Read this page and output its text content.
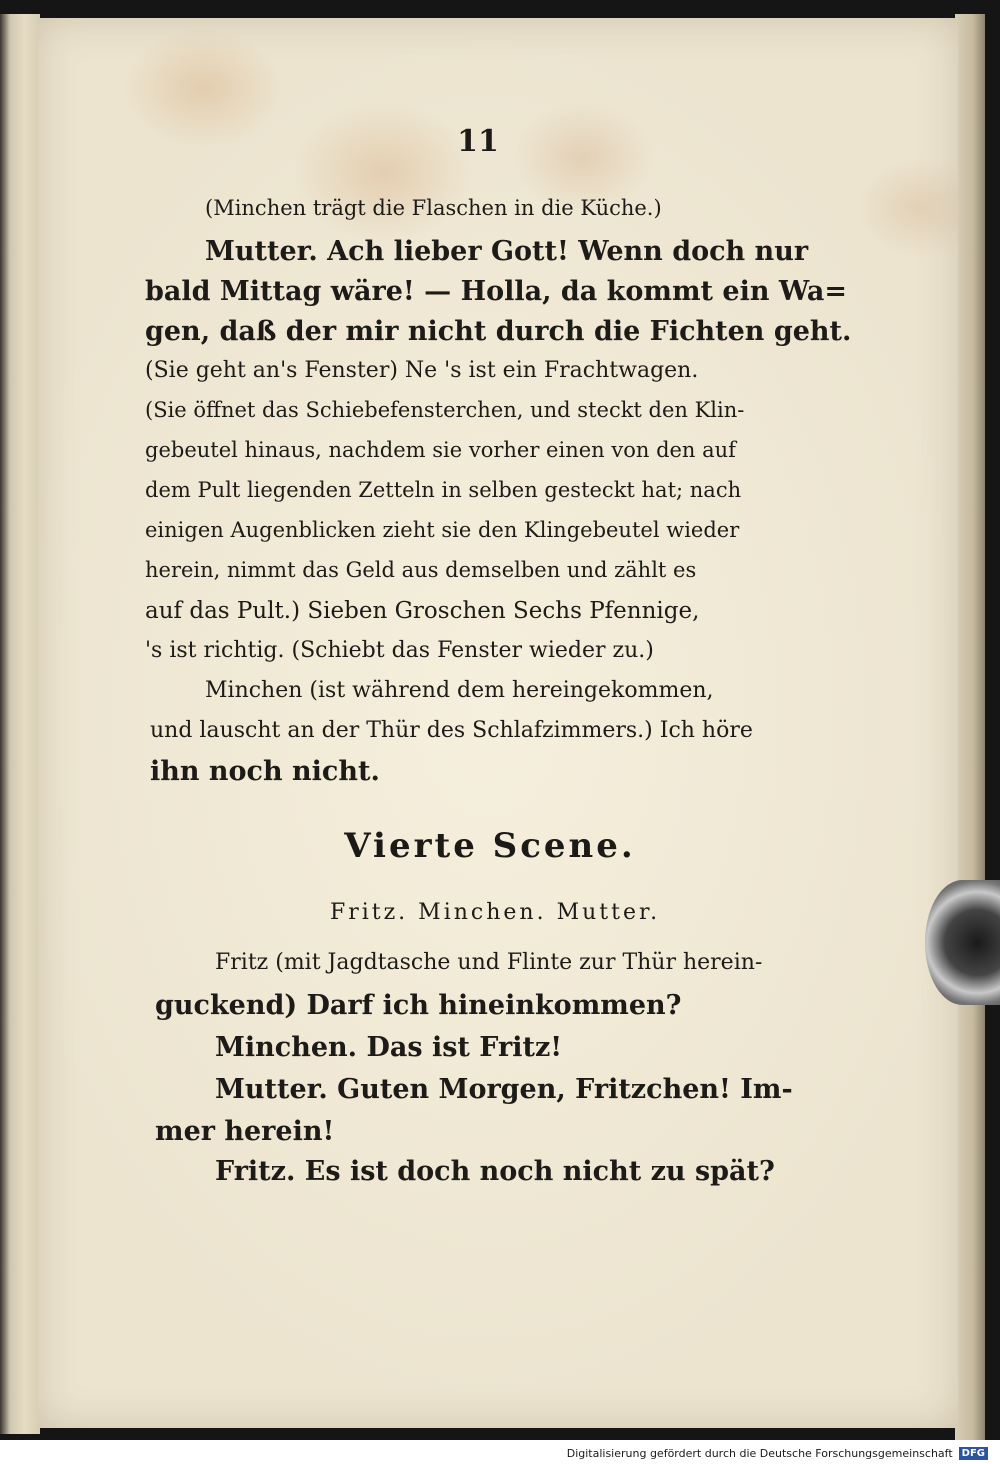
11
(Minchen trägt die Flaschen in die Küche.)
Mutter. Ach lieber Gott! Wenn doch nur
bald Mittag wäre! — Holla, da kommt ein Wa=
gen, daß der mir nicht durch die Fichten geht.
(Sie geht an's Fenster) Ne 's ist ein Frachtwagen.
(Sie öffnet das Schiebefensterchen, und steckt den Klin-
gebeutel hinaus, nachdem sie vorher einen von den auf
dem Pult liegenden Zetteln in selben gesteckt hat; nach
einigen Augenblicken zieht sie den Klingebeutel wieder
herein, nimmt das Geld aus demselben und zählt es
auf das Pult.) Sieben Groschen Sechs Pfennige,
's ist richtig. (Schiebt das Fenster wieder zu.)
Minchen (ist während dem hereingekommen,
und lauscht an der Thür des Schlafzimmers.) Ich höre
ihn noch nicht.
Vierte Scene.
Fritz. Minchen. Mutter.
Fritz (mit Jagdtasche und Flinte zur Thür herein-
guckend) Darf ich hineinkommen?
Minchen. Das ist Fritz!
Mutter. Guten Morgen, Fritzchen! Im-
mer herein!
Fritz. Es ist doch noch nicht zu spät?
Digitalisierung gefördert durch die Deutsche Forschungsgemeinschaft DFG
